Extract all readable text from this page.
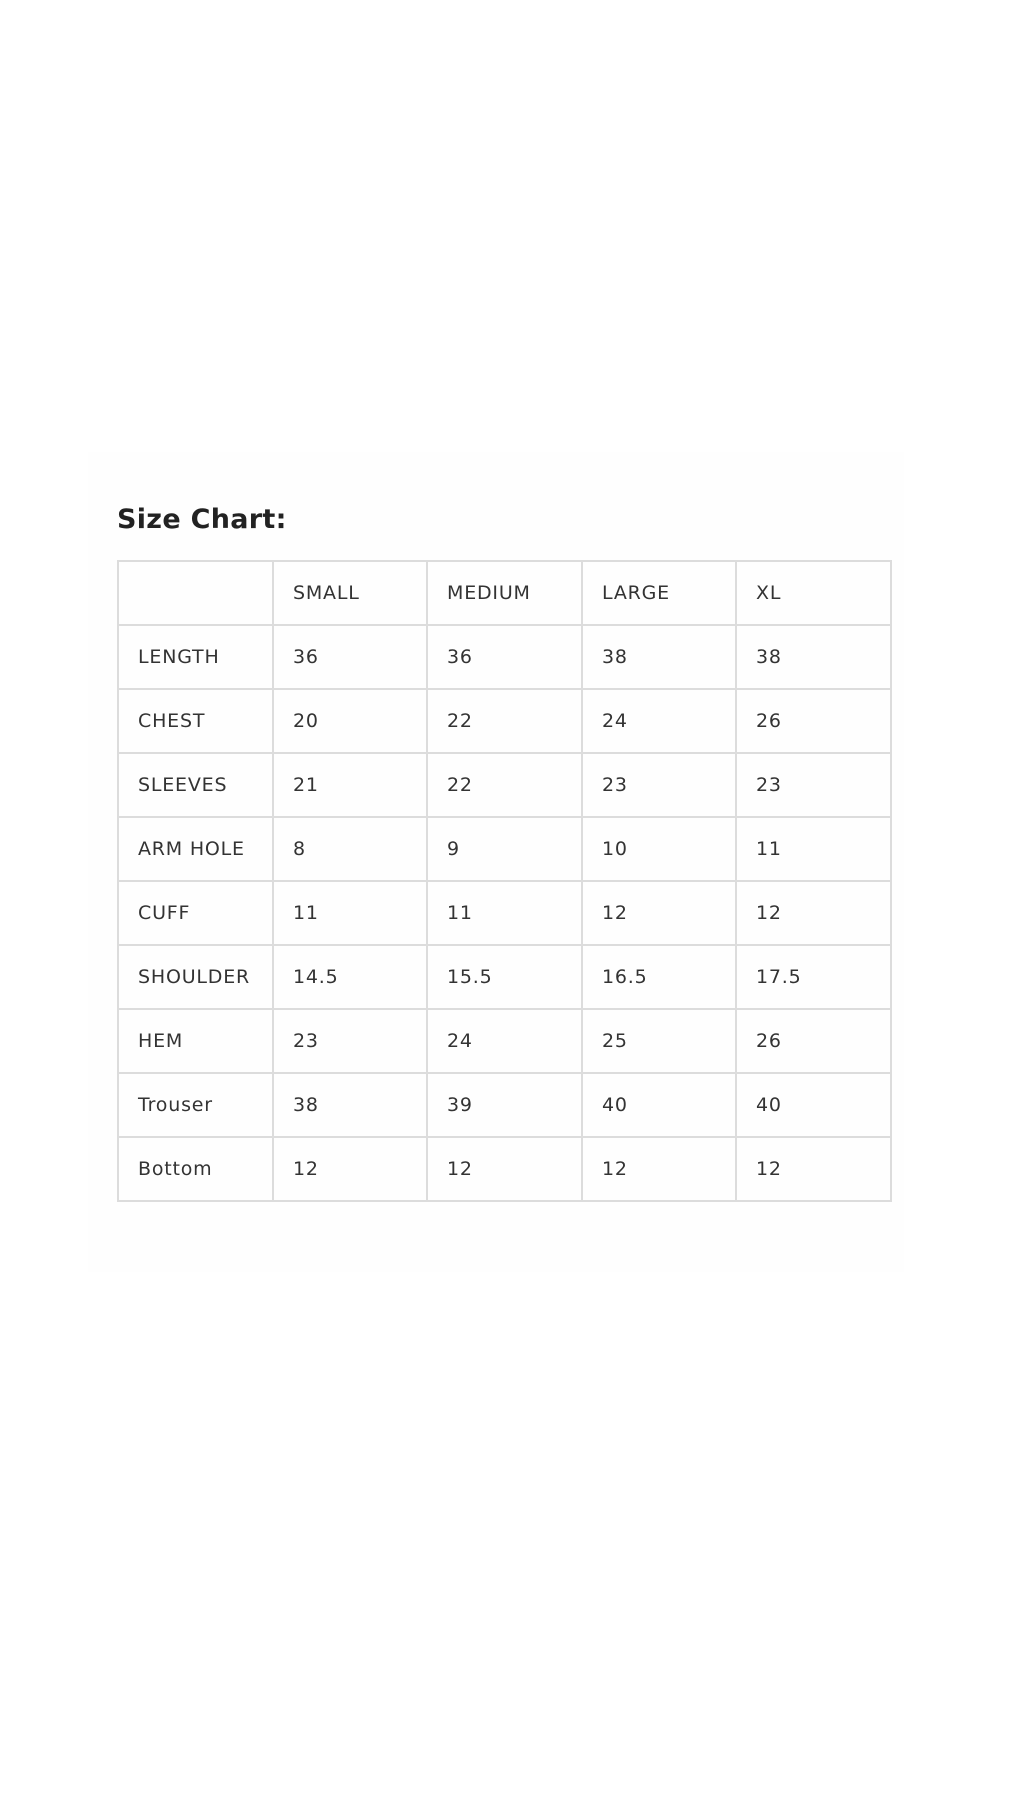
Size Chart:
	SMALL	MEDIUM	LARGE	XL
LENGTH	36	36	38	38
CHEST	20	22	24	26
SLEEVES	21	22	23	23
ARM HOLE	8	9	10	11
CUFF	11	11	12	12
SHOULDER	14.5	15.5	16.5	17.5
HEM	23	24	25	26
Trouser	38	39	40	40
Bottom	12	12	12	12
